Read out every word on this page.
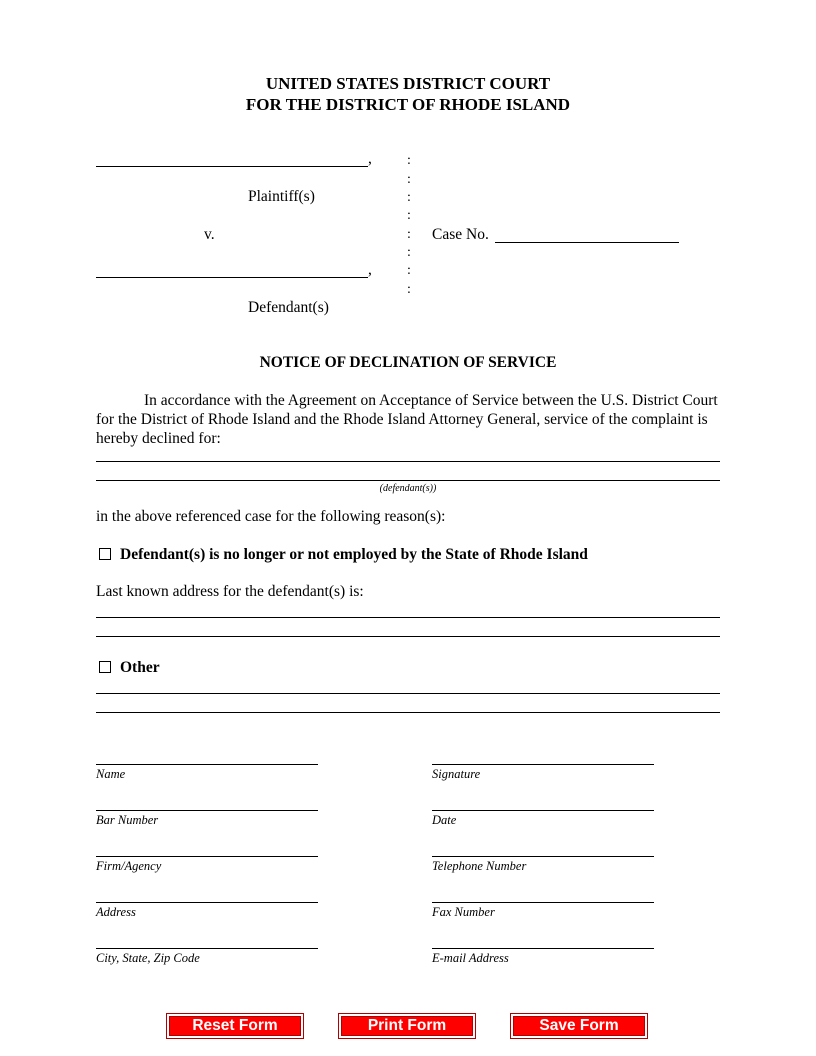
UNITED STATES DISTRICT COURT
FOR THE DISTRICT OF RHODE ISLAND
,
Plaintiff(s)
v.
,
Defendant(s)
:
:
:
:
:
:
:
:
Case No.
NOTICE OF DECLINATION OF SERVICE
In accordance with the Agreement on Acceptance of Service between the U.S. District Court for the District of Rhode Island and the Rhode Island Attorney General, service of the complaint is hereby declined for:
(defendant(s))
in the above referenced case for the following reason(s):
Defendant(s) is no longer or not employed by the State of Rhode Island
Last known address for the defendant(s) is:
Other
Name
Bar Number
Firm/Agency
Address
City, State, Zip Code
Signature
Date
Telephone Number
Fax Number
E-mail Address
Reset Form	Print Form	Save Form
